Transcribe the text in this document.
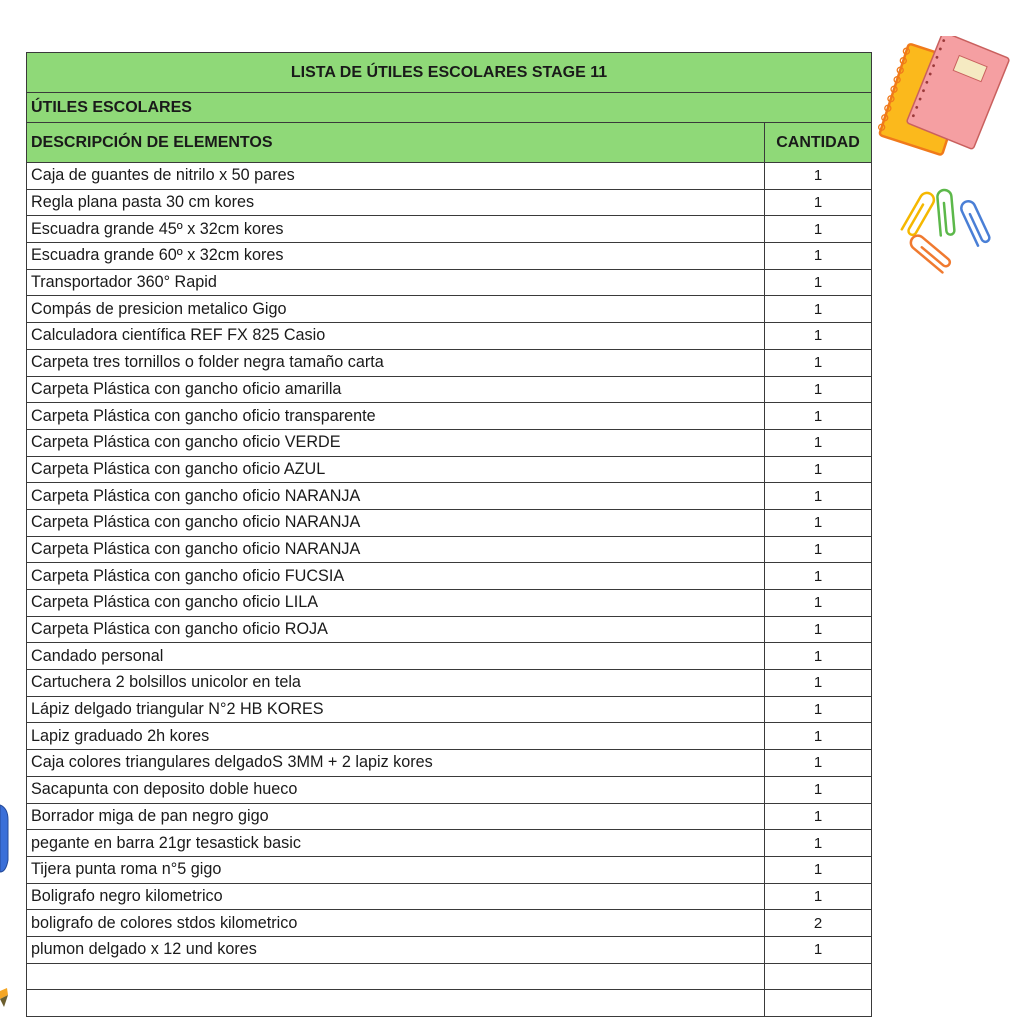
LISTA DE ÚTILES ESCOLARES STAGE 11	
ÚTILES ESCOLARES	
DESCRIPCIÓN DE ELEMENTOS	CANTIDAD
Caja de guantes de nitrilo x 50 pares	1
Regla plana pasta 30 cm kores	1
Escuadra grande 45º x 32cm kores	1
Escuadra grande 60º x 32cm kores	1
Transportador 360° Rapid	1
Compás de presicion metalico Gigo	1
Calculadora científica REF FX 825 Casio	1
Carpeta tres tornillos o folder negra tamaño carta	1
Carpeta Plástica con gancho oficio amarilla	1
Carpeta Plástica con gancho oficio transparente	1
Carpeta Plástica con gancho oficio VERDE	1
Carpeta Plástica con gancho oficio AZUL	1
Carpeta Plástica con gancho oficio NARANJA	1
Carpeta Plástica con gancho oficio NARANJA	1
Carpeta Plástica con gancho oficio NARANJA	1
Carpeta Plástica con gancho oficio FUCSIA	1
Carpeta Plástica con gancho oficio LILA	1
Carpeta Plástica con gancho oficio ROJA	1
Candado personal	1
Cartuchera 2 bolsillos unicolor en tela	1
Lápiz delgado triangular N°2 HB KORES	1
Lapiz graduado 2h kores	1
Caja colores triangulares delgadoS 3MM + 2 lapiz kores	1
Sacapunta con deposito doble hueco	1
Borrador miga de pan negro gigo	1
pegante en barra 21gr tesastick basic	1
Tijera punta roma n°5 gigo	1
Boligrafo negro kilometrico	1
boligrafo de colores stdos kilometrico	2
plumon delgado x 12 und kores	1
